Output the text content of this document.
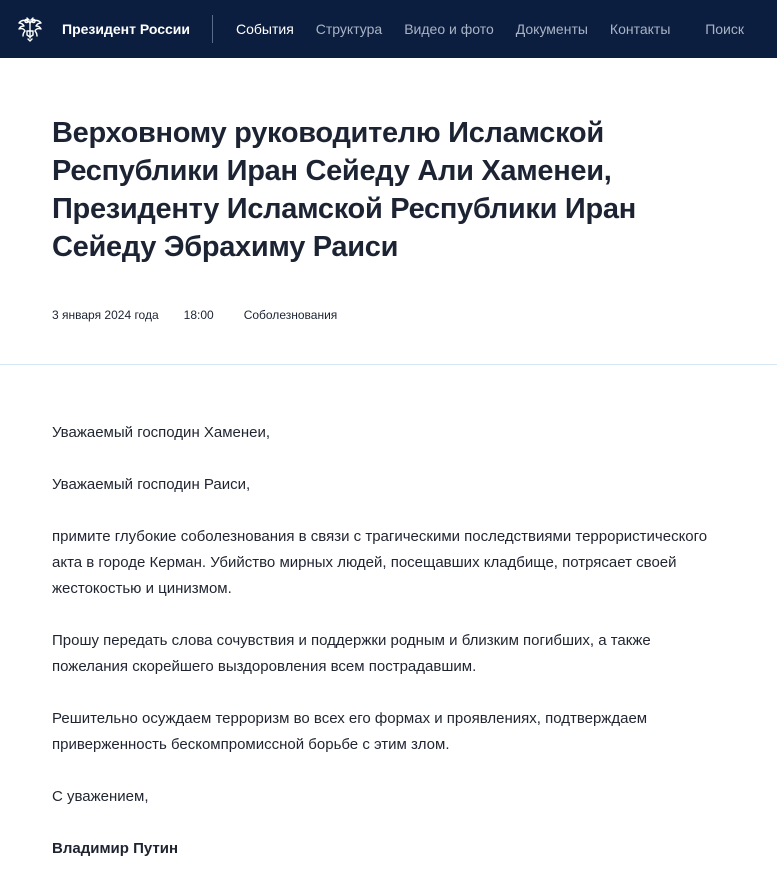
Президент России	События Структура Видео и фото Документы Контакты Поиск
Верховному руководителю Исламской Республики Иран Сейеду Али Хаменеи, Президенту Исламской Республики Иран Сейеду Эбрахиму Раиси
3 января 2024 года 18:00	Соболезнования

Уважаемый господин Хаменеи,

Уважаемый господин Раиси,

примите глубокие соболезнования в связи с трагическими последствиями террористического акта в городе Керман. Убийство мирных людей, посещавших кладбище, потрясает своей жестокостью и цинизмом.

Прошу передать слова сочувствия и поддержки родным и близким погибших, а также пожелания скорейшего выздоровления всем пострадавшим.

Решительно осуждаем терроризм во всех его формах и проявлениях, подтверждаем приверженность бескомпромиссной борьбе с этим злом.

С уважением,

Владимир Путин
